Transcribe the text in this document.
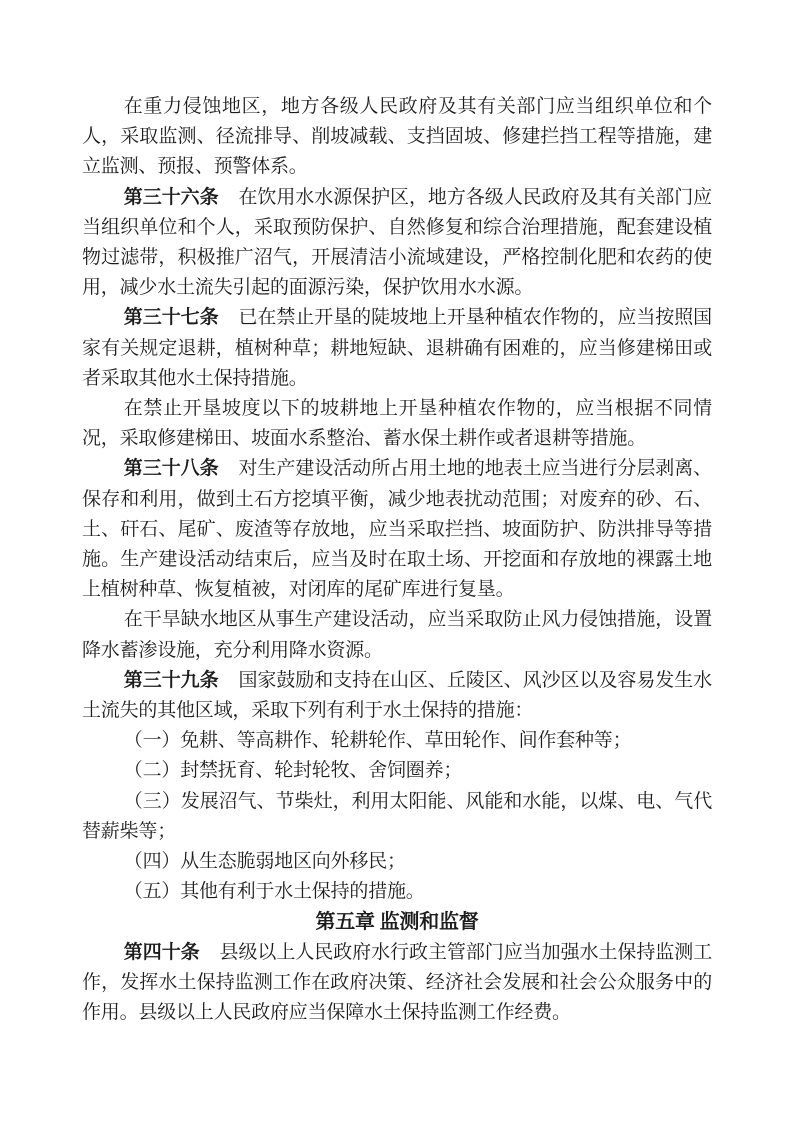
在重力侵蚀地区，地方各级人民政府及其有关部门应当组织单位和个人，采取监测、径流排导、削坡减载、支挡固坡、修建拦挡工程等措施，建立监测、预报、预警体系。

第三十六条 在饮用水水源保护区，地方各级人民政府及其有关部门应当组织单位和个人，采取预防保护、自然修复和综合治理措施，配套建设植物过滤带，积极推广沼气，开展清洁小流域建设，严格控制化肥和农药的使用，减少水土流失引起的面源污染，保护饮用水水源。

第三十七条 已在禁止开垦的陡坡地上开垦种植农作物的，应当按照国家有关规定退耕，植树种草；耕地短缺、退耕确有困难的，应当修建梯田或者采取其他水土保持措施。

在禁止开垦坡度以下的坡耕地上开垦种植农作物的，应当根据不同情况，采取修建梯田、坡面水系整治、蓄水保土耕作或者退耕等措施。

第三十八条 对生产建设活动所占用土地的地表土应当进行分层剥离、保存和利用，做到土石方挖填平衡，减少地表扰动范围；对废弃的砂、石、土、矸石、尾矿、废渣等存放地，应当采取拦挡、坡面防护、防洪排导等措施。生产建设活动结束后，应当及时在取土场、开挖面和存放地的裸露土地上植树种草、恢复植被，对闭库的尾矿库进行复垦。

在干旱缺水地区从事生产建设活动，应当采取防止风力侵蚀措施，设置降水蓄渗设施，充分利用降水资源。

第三十九条 国家鼓励和支持在山区、丘陵区、风沙区以及容易发生水土流失的其他区域，采取下列有利于水土保持的措施：

（一）免耕、等高耕作、轮耕轮作、草田轮作、间作套种等；

（二）封禁抚育、轮封轮牧、舍饲圈养；

（三）发展沼气、节柴灶，利用太阳能、风能和水能，以煤、电、气代替薪柴等；

（四）从生态脆弱地区向外移民；

（五）其他有利于水土保持的措施。

第五章 监测和监督

第四十条 县级以上人民政府水行政主管部门应当加强水土保持监测工作，发挥水土保持监测工作在政府决策、经济社会发展和社会公众服务中的作用。县级以上人民政府应当保障水土保持监测工作经费。
